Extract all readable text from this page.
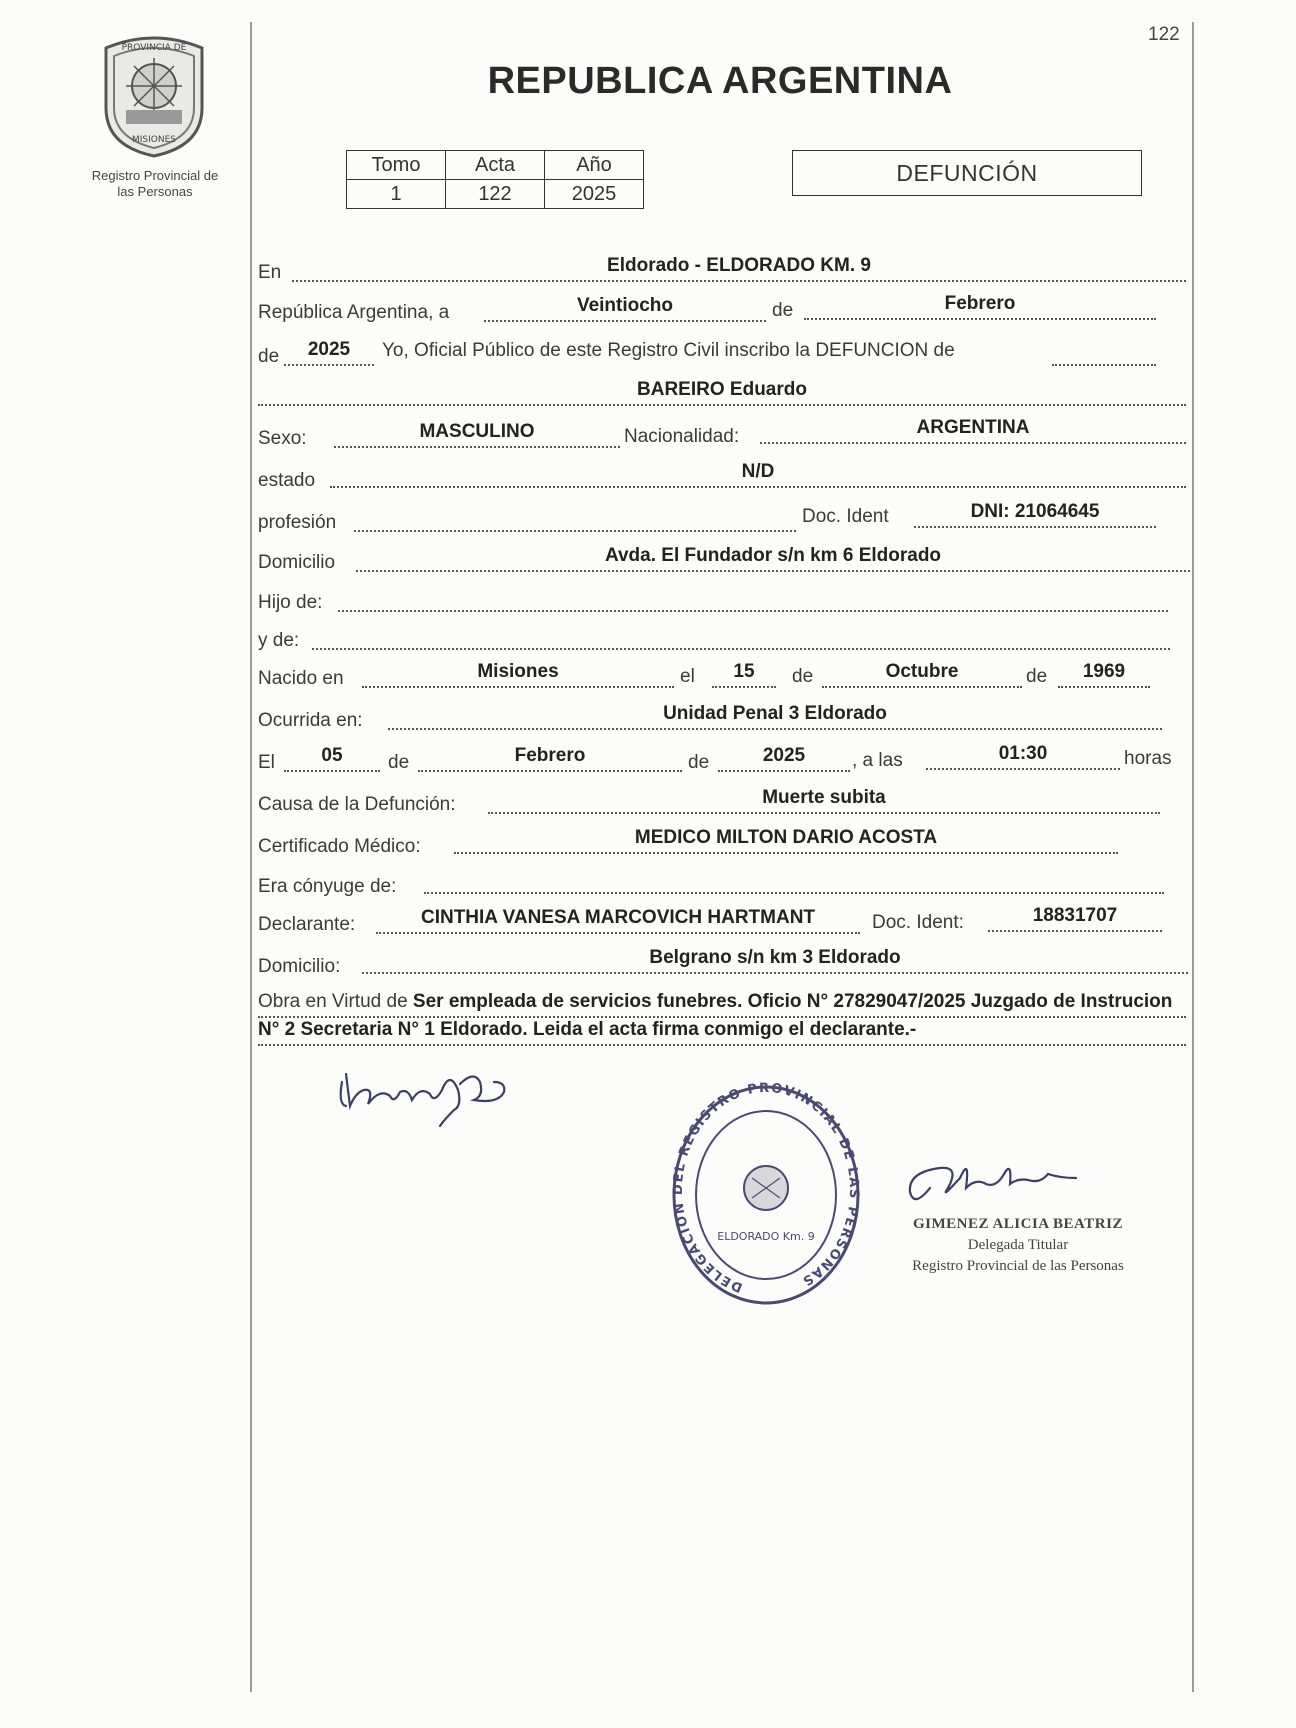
122
PROVINCIA DE
MISIONES
Registro Provincial de
las Personas
REPUBLICA ARGENTINA
Tomo	Acta	Año
1	122	2025
DEFUNCIÓN
En	Eldorado - ELDORADO KM. 9
República Argentina, a	Veintiocho	de	Febrero
de	2025	Yo, Oficial Público de este Registro Civil inscribo la DEFUNCION de
BAREIRO Eduardo
Sexo:	MASCULINO	Nacionalidad:	ARGENTINA
estado	N/D
profesión	Doc. Ident	DNI: 21064645
Domicilio	Avda. El Fundador s/n km 6 Eldorado
Hijo de:
y de:
Nacido en	Misiones	el	15	de	Octubre	de	1969
Ocurrida en:	Unidad Penal 3 Eldorado
El	05	de	Febrero	de	2025	, a las	01:30	horas
Causa de la Defunción:	Muerte subita
Certificado Médico:	MEDICO MILTON DARIO ACOSTA
Era cónyuge de:
Declarante:	CINTHIA VANESA MARCOVICH HARTMANT	Doc. Ident:	18831707
Domicilio:	Belgrano s/n km 3 Eldorado
Obra en Virtud de Ser empleada de servicios funebres. Oficio N° 27829047/2025 Juzgado de Instrucion N° 2 Secretaria N° 1 Eldorado. Leida el acta firma conmigo el declarante.-
DELEGACION DEL REGISTRO PROVINCIAL DE LAS PERSONAS
ELDORADO Km. 9
GIMENEZ ALICIA BEATRIZ
Delegada Titular
Registro Provincial de las Personas
